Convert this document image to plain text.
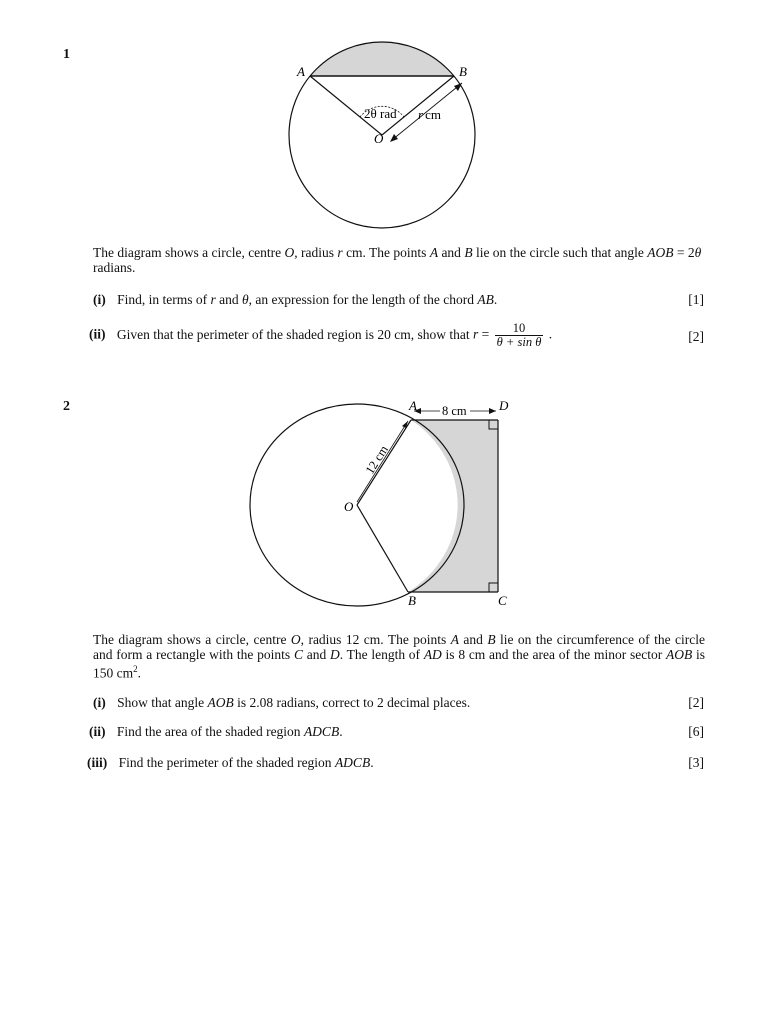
1
A	B
O
2θ rad r cm
The diagram shows a circle, centre O, radius r cm. The points A and B lie on the circle such that angle AOB = 2θ radians.
(i) Find, in terms of r and θ, an expression for the length of the chord AB.	[1]
(ii) Given that the perimeter of the shaded region is 20 cm, show that $r = \frac{10}{\text{θ + sin θ}}$ .	[2]
2	A	D
O
B	C
8 cm
12 cm
The diagram shows a circle, centre O, radius 12 cm. The points A and B lie on the circumference of the circle and form a rectangle with the points C and D. The length of AD is 8 cm and the area of the minor sector AOB is 150 $cm^2$.
(i) Show that angle AOB is 2.08 radians, correct to 2 decimal places.	[2]
(ii) Find the area of the shaded region ADCB.	[6]
(iii) Find the perimeter of the shaded region ADCB.	[3]
